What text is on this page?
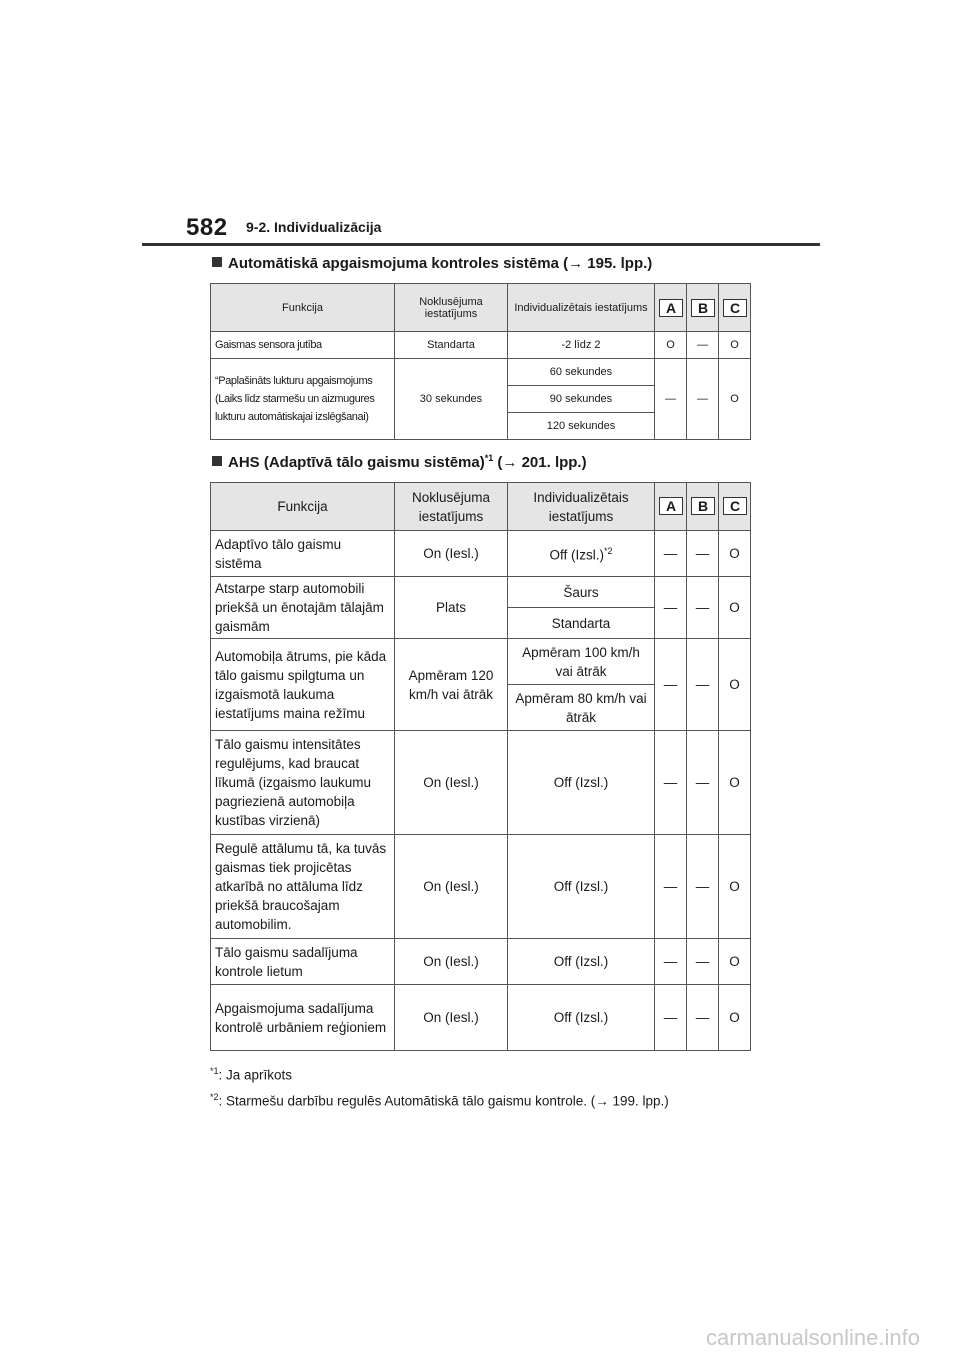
582 9-2. Individualizācija
Automātiskā apgaismojuma kontroles sistēma (→ 195. lpp.)
Funkcija	Noklusējuma iestatījums	Individualizētais iestatījums	A	B	C
Gaismas sensora jutība	Standarta	-2 līdz 2	O	—	O
“Paplašināts lukturu apgaismojums (Laiks līdz starmešu un aizmugures lukturu automātiskajai izslēgšanai)	30 sekundes	60 sekundes	—	—	O
		90 sekundes			
		120 sekundes			
AHS (Adaptīvā tālo gaismu sistēma)$^{*1}$ (→ 201. lpp.)
Funkcija	Noklusējuma iestatījums	Individualizētais iestatījums	A	B	C
Adaptīvo tālo gaismu sistēma	On (Iesl.)	Off (Izsl.)$^{*2}$	—	—	O
Atstarpe starp automobili priekšā un ēnotajām tālajām gaismām	Plats	Šaurs	—	—	O
		Standarta			
Automobiļa ātrums, pie kāda tālo gaismu spilgtuma un izgaismotā laukuma iestatījums maina režīmu	Apmēram 120 km/h vai ātrāk	Apmēram 100 km/h vai ātrāk	—	—	O
		Apmēram 80 km/h vai ātrāk			
Tālo gaismu intensitātes regulējums, kad braucat līkumā (izgaismo laukumu pagriezienā automobiļa kustības virzienā)	On (Iesl.)	Off (Izsl.)	—	—	O
Regulē attālumu tā, ka tuvās gaismas tiek projicētas atkarībā no attāluma līdz priekšā braucošajam automobilim.	On (Iesl.)	Off (Izsl.)	—	—	O
Tālo gaismu sadalījuma kontrole lietum	On (Iesl.)	Off (Izsl.)	—	—	O
Apgaismojuma sadalījuma kontrolē urbāniem reģioniem	On (Iesl.)	Off (Izsl.)	—	—	O
$^{*1}$: Ja aprīkots
$^{*2}$: Starmešu darbību regulēs Automātiskā tālo gaismu kontrole. (→ 199. lpp.)
carmanualsonline.info
